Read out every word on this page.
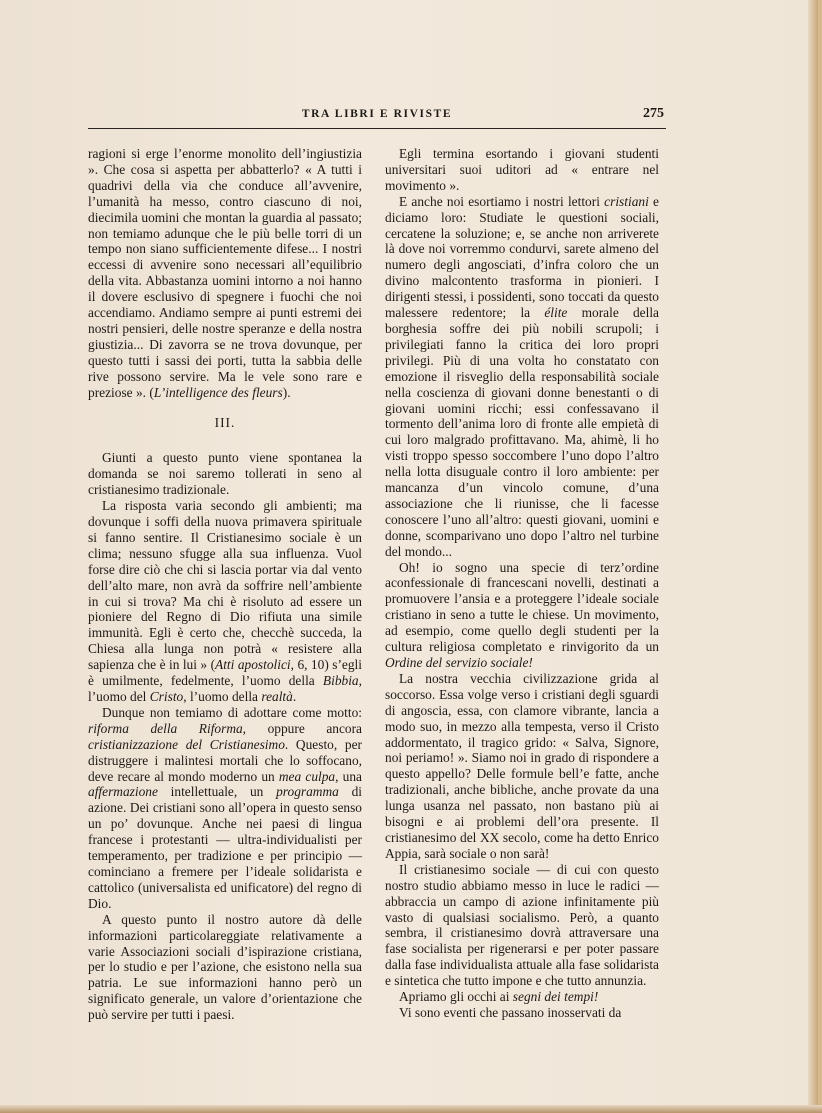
TRA LIBRI E RIVISTE	275

ragioni si erge l’enorme monolito dell’ingiustizia ». Che cosa si aspetta per abbatterlo? « A tutti i quadrivi della via che conduce all’avvenire, l’umanità ha messo, contro ciascuno di noi, diecimila uomini che montan la guardia al passato; non temiamo adunque che le più belle torri di un tempo non siano sufficientemente difese... I nostri eccessi di avvenire sono necessari all’equilibrio della vita. Abbastanza uomini intorno a noi hanno il dovere esclusivo di spegnere i fuochi che noi accendiamo. Andiamo sempre ai punti estremi dei nostri pensieri, delle nostre speranze e della nostra giustizia... Di zavorra se ne trova dovunque, per questo tutti i sassi dei porti, tutta la sabbia delle rive possono servire. Ma le vele sono rare e preziose ». (L’intelligence des fleurs).

III.

Giunti a questo punto viene spontanea la domanda se noi saremo tollerati in seno al cristianesimo tradizionale.

La risposta varia secondo gli ambienti; ma dovunque i soffi della nuova primavera spirituale si fanno sentire. Il Cristianesimo sociale è un clima; nessuno sfugge alla sua influenza. Vuol forse dire ciò che chi si lascia portar via dal vento dell’alto mare, non avrà da soffrire nell’ambiente in cui si trova? Ma chi è risoluto ad essere un pioniere del Regno di Dio rifiuta una simile immunità. Egli è certo che, checchè succeda, la Chiesa alla lunga non potrà « resistere alla sapienza che è in lui » (Atti apostolici, 6, 10) s’egli è umilmente, fedelmente, l’uomo della Bibbia, l’uomo del Cristo, l’uomo della realtà.

Dunque non temiamo di adottare come motto: riforma della Riforma, oppure ancora cristianizzazione del Cristianesimo. Questo, per distruggere i malintesi mortali che lo soffocano, deve recare al mondo moderno un mea culpa, una affermazione intellettuale, un programma di azione. Dei cristiani sono all’opera in questo senso un po’ dovunque. Anche nei paesi di lingua francese i protestanti — ultra-individualisti per temperamento, per tradizione e per principio — cominciano a fremere per l’ideale solidarista e cattolico (universalista ed unificatore) del regno di Dio.

A questo punto il nostro autore dà delle informazioni particolareggiate relativamente a varie Associazioni sociali d’ispirazione cristiana, per lo studio e per l’azione, che esistono nella sua patria. Le sue informazioni hanno però un significato generale, un valore d’orientazione che può servire per tutti i paesi.

Egli termina esortando i giovani studenti universitari suoi uditori ad « entrare nel movimento ».

E anche noi esortiamo i nostri lettori cristiani e diciamo loro: Studiate le questioni sociali, cercatene la soluzione; e, se anche non arriverete là dove noi vorremmo condurvi, sarete almeno del numero degli angosciati, d’infra coloro che un divino malcontento trasforma in pionieri. I dirigenti stessi, i possidenti, sono toccati da questo malessere redentore; la élite morale della borghesia soffre dei più nobili scrupoli; i privilegiati fanno la critica dei loro propri privilegi. Più di una volta ho constatato con emozione il risveglio della responsabilità sociale nella coscienza di giovani donne benestanti o di giovani uomini ricchi; essi confessavano il tormento dell’anima loro di fronte alle empietà di cui loro malgrado profittavano. Ma, ahimè, li ho visti troppo spesso soccombere l’uno dopo l’altro nella lotta disuguale contro il loro ambiente: per mancanza d’un vincolo comune, d’una associazione che li riunisse, che li facesse conoscere l’uno all’altro: questi giovani, uomini e donne, scomparivano uno dopo l’altro nel turbine del mondo...

Oh! io sogno una specie di terz’ordine aconfessionale di francescani novelli, destinati a promuovere l’ansia e a proteggere l’ideale sociale cristiano in seno a tutte le chiese. Un movimento, ad esempio, come quello degli studenti per la cultura religiosa completato e rinvigorito da un Ordine del servizio sociale!

La nostra vecchia civilizzazione grida al soccorso. Essa volge verso i cristiani degli sguardi di angoscia, essa, con clamore vibrante, lancia a modo suo, in mezzo alla tempesta, verso il Cristo addormentato, il tragico grido: « Salva, Signore, noi periamo! ». Siamo noi in grado di rispondere a questo appello? Delle formule bell’e fatte, anche tradizionali, anche bibliche, anche provate da una lunga usanza nel passato, non bastano più ai bisogni e ai problemi dell’ora presente. Il cristianesimo del XX secolo, come ha detto Enrico Appia, sarà sociale o non sarà!

Il cristianesimo sociale — di cui con questo nostro studio abbiamo messo in luce le radici — abbraccia un campo di azione infinitamente più vasto di qualsiasi socialismo. Però, a quanto sembra, il cristianesimo dovrà attraversare una fase socialista per rigenerarsi e per poter passare dalla fase individualista attuale alla fase solidarista e sintetica che tutto impone e che tutto annunzia.

Apriamo gli occhi ai segni dei tempi!

Vi sono eventi che passano inosservati da
